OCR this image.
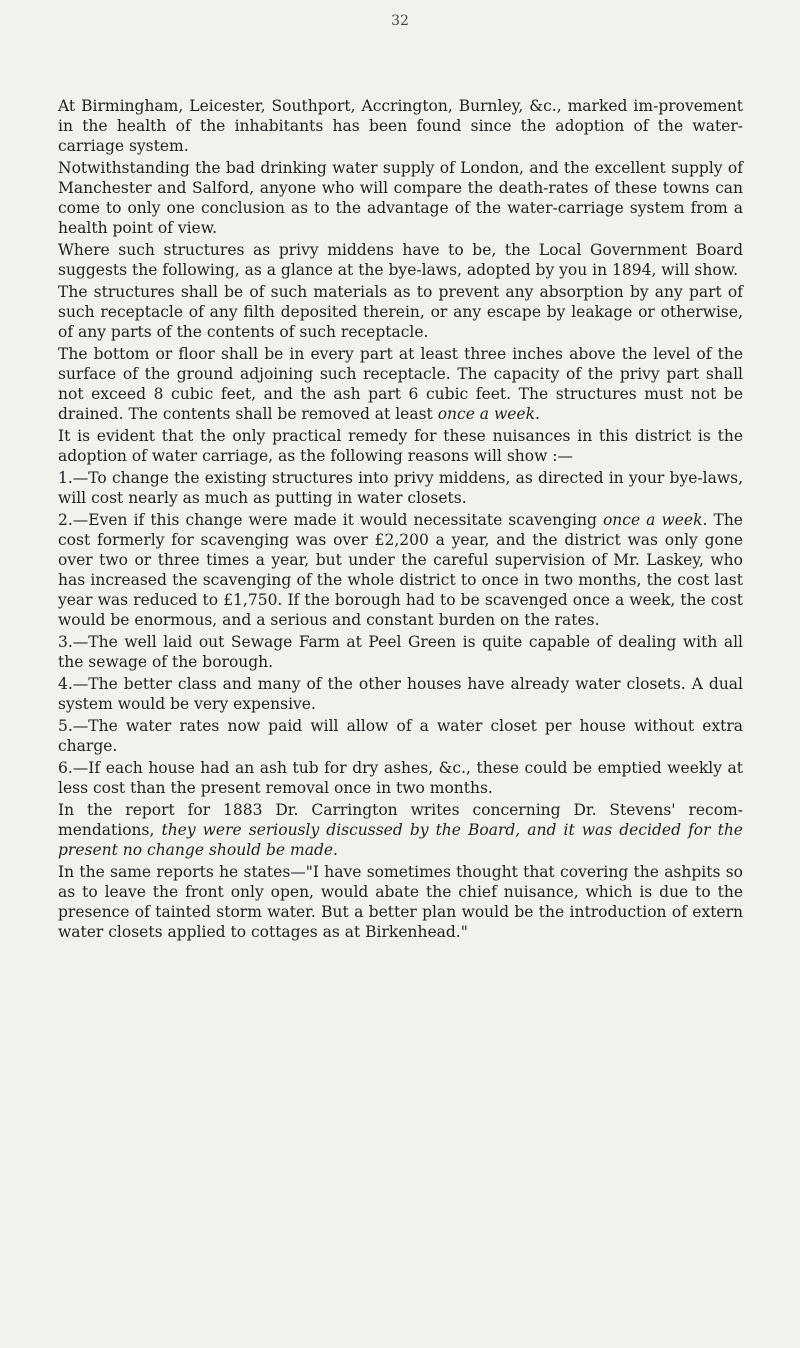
32

At Birmingham, Leicester, Southport, Accrington, Burnley, &c., marked im-provement in the health of the inhabitants has been found since the adoption of the water-carriage system.

Notwithstanding the bad drinking water supply of London, and the excellent supply of Manchester and Salford, anyone who will compare the death-rates of these towns can come to only one conclusion as to the advantage of the water-carriage system from a health point of view.

Where such structures as privy middens have to be, the Local Government Board suggests the following, as a glance at the bye-laws, adopted by you in 1894, will show.

The structures shall be of such materials as to prevent any absorption by any part of such receptacle of any filth deposited therein, or any escape by leakage or otherwise, of any parts of the contents of such receptacle.

The bottom or floor shall be in every part at least three inches above the level of the surface of the ground adjoining such receptacle. The capacity of the privy part shall not exceed 8 cubic feet, and the ash part 6 cubic feet. The structures must not be drained. The contents shall be removed at least once a week.

It is evident that the only practical remedy for these nuisances in this district is the adoption of water carriage, as the following reasons will show :—

1.—To change the existing structures into privy middens, as directed in your bye-laws, will cost nearly as much as putting in water closets.

2.—Even if this change were made it would necessitate scavenging once a week. The cost formerly for scavenging was over £2,200 a year, and the district was only gone over two or three times a year, but under the careful supervision of Mr. Laskey, who has increased the scavenging of the whole district to once in two months, the cost last year was reduced to £1,750. If the borough had to be scavenged once a week, the cost would be enormous, and a serious and constant burden on the rates.

3.—The well laid out Sewage Farm at Peel Green is quite capable of dealing with all the sewage of the borough.

4.—The better class and many of the other houses have already water closets. A dual system would be very expensive.

5.—The water rates now paid will allow of a water closet per house without extra charge.

6.—If each house had an ash tub for dry ashes, &c., these could be emptied weekly at less cost than the present removal once in two months.

In the report for 1883 Dr. Carrington writes concerning Dr. Stevens' recom-mendations, they were seriously discussed by the Board, and it was decided for the present no change should be made.

In the same reports he states—"I have sometimes thought that covering the ashpits so as to leave the front only open, would abate the chief nuisance, which is due to the presence of tainted storm water. But a better plan would be the introduction of extern water closets applied to cottages as at Birkenhead."
